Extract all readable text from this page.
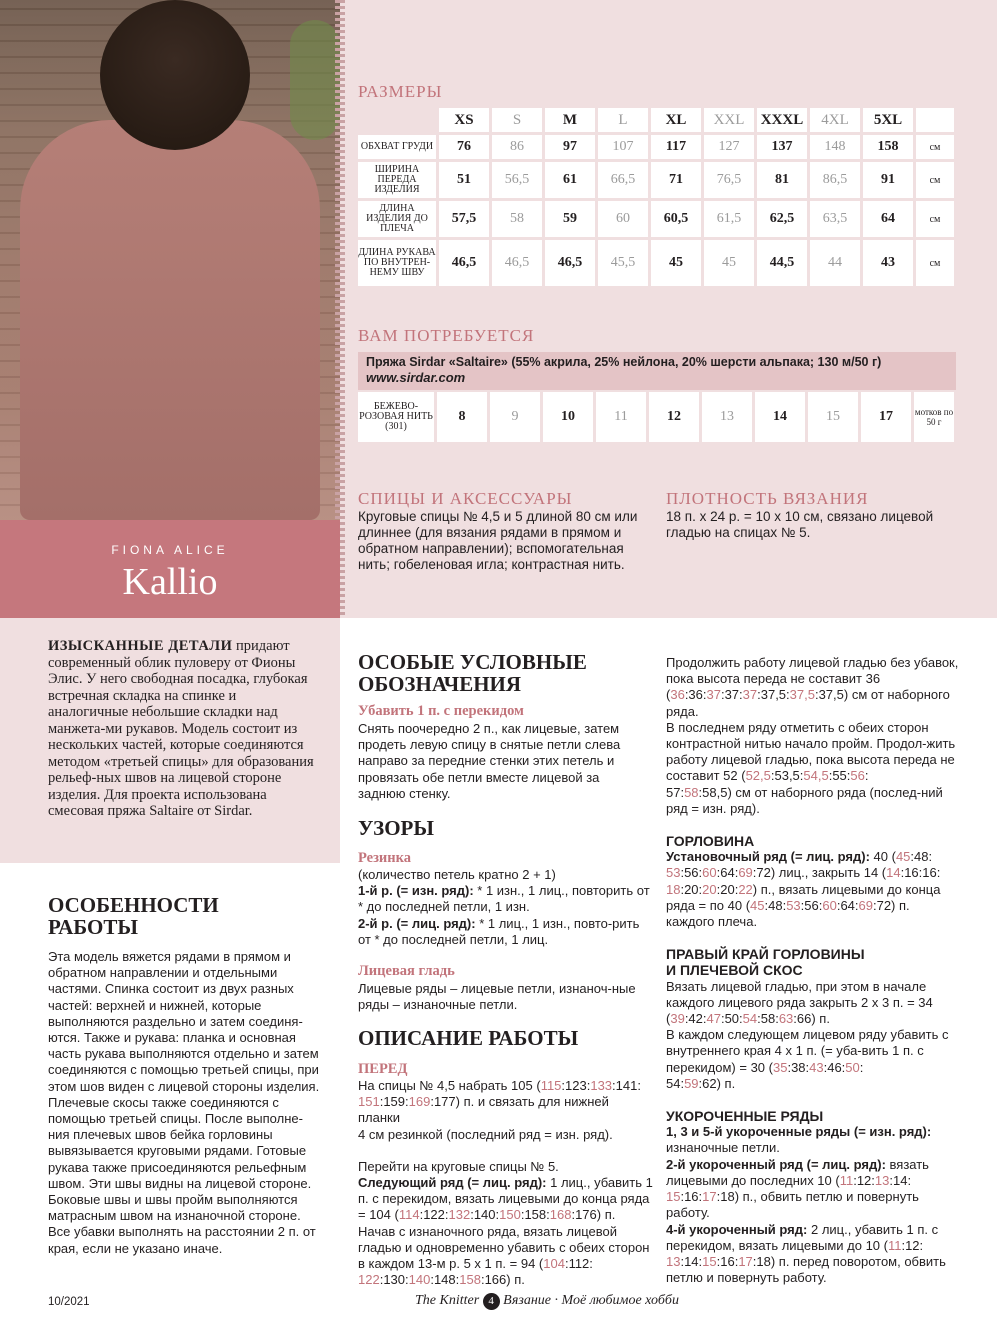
FIONA ALICE
Kallio

ИЗЫСКАННЫЕ ДЕТАЛИ придают современный облик пуловеру от Фионы Элис. У него свободная посадка, глубокая встречная складка на спинке и аналогичные небольшие складки над манжета-ми рукавов. Модель состоит из нескольких частей, которые соединяются методом «третьей спицы» для образования рельеф-ных швов на лицевой стороне изделия. Для проекта использована смесовая пряжа Saltaire от Sirdar.

РАЗМЕРЫ
	XS	S	M	L	XL	XXL	XXXL	4XL	5XL	
ОБХВАТ ГРУДИ	76	86	97	107	117	127	137	148	158	см
ШИРИНА ПЕРЕДА ИЗДЕЛИЯ	51	56,5	61	66,5	71	76,5	81	86,5	91	см
ДЛИНА ИЗДЕЛИЯ ДО ПЛЕЧА	57,5	58	59	60	60,5	61,5	62,5	63,5	64	см
ДЛИНА РУКАВА ПО ВНУТРЕН-НЕМУ ШВУ	46,5	46,5	46,5	45,5	45	45	44,5	44	43	см
ВАМ ПОТРЕБУЕТСЯ
Пряжа Sirdar «Saltaire» (55% акрила, 25% нейлона, 20% шерсти альпака; 130 м/50 г)
www.sirdar.com
БЕЖЕВО-РОЗОВАЯ НИТЬ (301)	8	9	10	11	12	13	14	15	17	мотков по 50 г
СПИЦЫ И АКСЕССУАРЫ
Круговые спицы № 4,5 и 5 длиной 80 см или длиннее (для вязания рядами в прямом и обратном направлении); вспомогательная нить; гобеленовая игла; контрастная нить.
ПЛОТНОСТЬ ВЯЗАНИЯ
18 п. х 24 р. = 10 х 10 см, связано лицевой гладью на спицах № 5.
ОСОБЕННОСТИ РАБОТЫ

Эта модель вяжется рядами в прямом и обратном направлении и отдельными частями. Спинка состоит из двух разных частей: верхней и нижней, которые выполняются раздельно и затем соединя-ются. Также и рукава: планка и основная часть рукава выполняются отдельно и затем соединяются с помощью третьей спицы, при этом шов виден с лицевой стороны изделия.

Плечевые скосы также соединяются с помощью третьей спицы. После выполне-ния плечевых швов бейка горловины вывязывается круговыми рядами. Готовые рукава также присоединяются рельефным швом. Эти швы видны на лицевой стороне. Боковые швы и швы пройм выполняются матрасным швом на изнаночной стороне. Все убавки выполнять на расстоянии 2 п. от края, если не указано иначе.

ОСОБЫЕ УСЛОВНЫЕ ОБОЗНАЧЕНИЯ
Убавить 1 п. с перекидом
Снять поочередно 2 п., как лицевые, затем продеть левую спицу в снятые петли слева направо за передние стенки этих петель и провязать обе петли вместе лицевой за заднюю стенку.
УЗОРЫ
Резинка

(количество петель кратно 2 + 1)

1-й р. (= изн. ряд): * 1 изн., 1 лиц., повторить от * до последней петли, 1 изн.

2-й р. (= лиц. ряд): * 1 лиц., 1 изн., повто-рить от * до последней петли, 1 лиц.

Лицевая гладь
Лицевые ряды – лицевые петли, изнаноч-ные ряды – изнаночные петли.
ОПИСАНИЕ РАБОТЫ
ПЕРЕД

На спицы № 4,5 набрать 105 (115:123:133:141:
151:159:169:177) п. и связать для нижней планки
4 см резинкой (последний ряд = изн. ряд).

Перейти на круговые спицы № 5.

Следующий ряд (= лиц. ряд): 1 лиц., убавить 1 п. с перекидом, вязать лицевыми до конца ряда = 104 (114:122:132:140:150:158:168:176) п.

Начав с изнаночного ряда, вязать лицевой гладью и одновременно убавить с обеих сторон в каждом 13-м р. 5 х 1 п. = 94 (104:112:
122:130:140:148:158:166) п.

Продолжить работу лицевой гладью без убавок, пока высота переда не составит 36 (36:36:37:37:37:37,5:37,5:37,5) см от наборного ряда.

В последнем ряду отметить с обеих сторон контрастной нитью начало пройм. Продол-жить работу лицевой гладью, пока высота переда не составит 52 (52,5:53,5:54,5:55:56:
57:58:58,5) см от наборного ряда (послед-ний ряд = изн. ряд).

ГОРЛОВИНА

Установочный ряд (= лиц. ряд): 40 (45:48:
53:56:60:64:69:72) лиц., закрыть 14 (14:16:16:
18:20:20:20:22) п., вязать лицевыми до конца ряда = по 40 (45:48:53:56:60:64:69:72) п. каждого плеча.

ПРАВЫЙ КРАЙ ГОРЛОВИНЫ
И ПЛЕЧЕВОЙ СКОС

Вязать лицевой гладью, при этом в начале каждого лицевого ряда закрыть 2 х 3 п. = 34 (39:42:47:50:54:58:63:66) п.

В каждом следующем лицевом ряду убавить с внутреннего края 4 х 1 п. (= уба-вить 1 п. с перекидом) = 30 (35:38:43:46:50:
54:59:62) п.

УКОРОЧЕННЫЕ РЯДЫ

1, 3 и 5-й укороченные ряды (= изн. ряд):

изнаночные петли.

2-й укороченный ряд (= лиц. ряд): вязать лицевыми до последних 10 (11:12:13:14:
15:16:17:18) п., обвить петлю и повернуть работу.

4-й укороченный ряд: 2 лиц., убавить 1 п. с перекидом, вязать лицевыми до 10 (11:12:
13:14:15:16:17:18) п. перед поворотом, обвить петлю и повернуть работу.

10/2021	The Knitter 4 Вязание · Моё любимое хобби
